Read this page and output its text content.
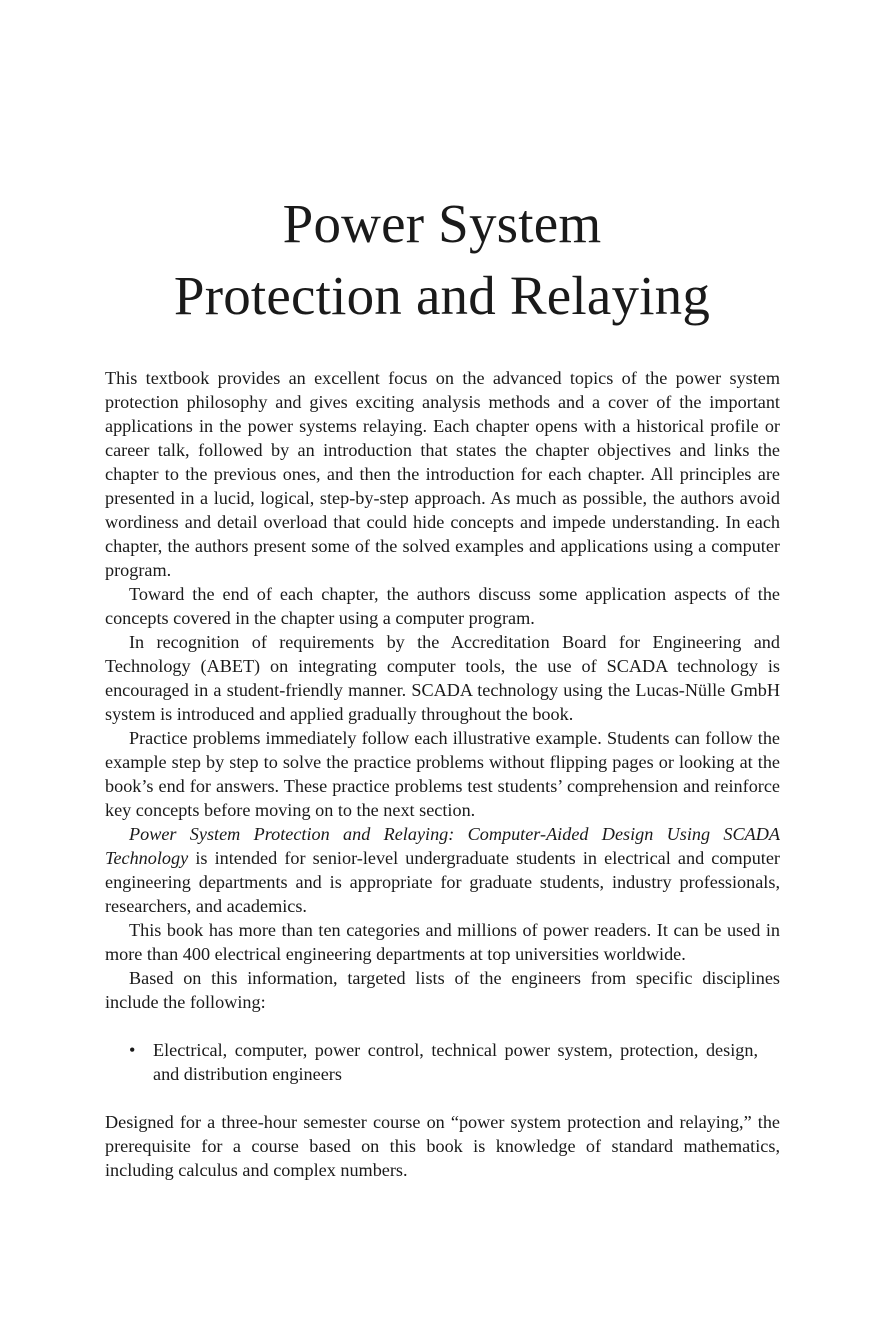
Power System
Protection and Relaying

This textbook provides an excellent focus on the advanced topics of the power system protection philosophy and gives exciting analysis methods and a cover of the important applications in the power systems relaying. Each chapter opens with a historical profile or career talk, followed by an introduction that states the chapter objectives and links the chapter to the previous ones, and then the introduction for each chapter. All principles are presented in a lucid, logical, step-by-step approach. As much as possible, the authors avoid wordiness and detail overload that could hide concepts and impede understanding. In each chapter, the authors present some of the solved examples and applications using a computer program.

Toward the end of each chapter, the authors discuss some application aspects of the concepts covered in the chapter using a computer program.

In recognition of requirements by the Accreditation Board for Engineering and Technology (ABET) on integrating computer tools, the use of SCADA technology is encouraged in a student-friendly manner. SCADA technology using the Lucas-Nülle GmbH system is introduced and applied gradually throughout the book.

Practice problems immediately follow each illustrative example. Students can follow the example step by step to solve the practice problems without flipping pages or looking at the book’s end for answers. These practice problems test students’ comprehension and reinforce key concepts before moving on to the next section.

Power System Protection and Relaying: Computer-Aided Design Using SCADA Technology is intended for senior-level undergraduate students in electrical and computer engineering departments and is appropriate for graduate students, industry professionals, researchers, and academics.

This book has more than ten categories and millions of power readers. It can be used in more than 400 electrical engineering departments at top universities worldwide.

Based on this information, targeted lists of the engineers from specific disciplines include the following:

• Electrical, computer, power control, technical power system, protection, design, and distribution engineers

Designed for a three-hour semester course on “power system protection and relaying,” the prerequisite for a course based on this book is knowledge of standard mathematics, including calculus and complex numbers.
